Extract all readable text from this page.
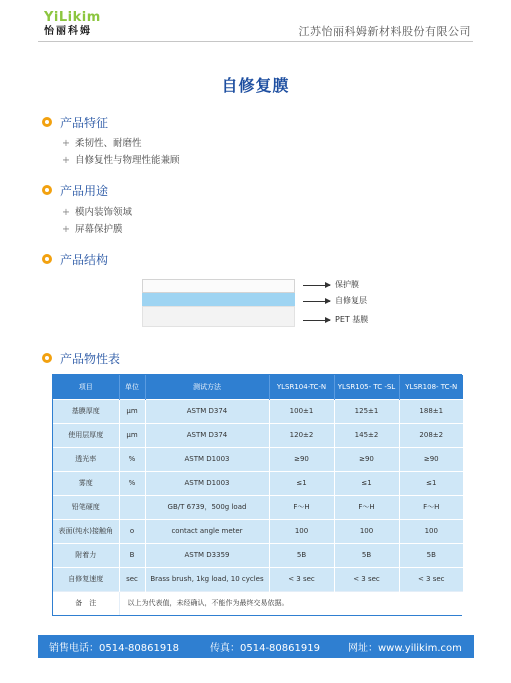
YiLikim
怡丽科姆	江苏怡丽科姆新材料股份有限公司
自修复膜
产品特征
+ 柔韧性、耐磨性
+ 自修复性与物理性能兼顾
产品用途
+ 模内装饰领域
+ 屏幕保护膜
产品结构
保护膜
自修复层
PET 基膜
产品物性表
项目	单位	测试方法	YLSR104-TC-N	YLSR105- TC -SL	YLSR108- TC-N
基膜厚度	μm	ASTM D374	100±1	125±1	188±1
使用层厚度	μm	ASTM D374	120±2	145±2	208±2
透光率	%	ASTM D1003	≥90	≥90	≥90
雾度	%	ASTM D1003	≤1	≤1	≤1
铅笔硬度		GB/T 6739，500g load	F～H	F～H	F～H
表面(纯水)接触角	o	contact angle meter	100	100	100
附着力	B	ASTM D3359	5B	5B	5B
自修复速度	sec	Brass brush, 1kg load, 10 cycles	< 3 sec	< 3 sec	< 3 sec
备　注	以上为代表值，未经确认，不能作为最终交易依据。				
销售电话：0514-80861918	传真：0514-80861919	网址：www.yilikim.com
